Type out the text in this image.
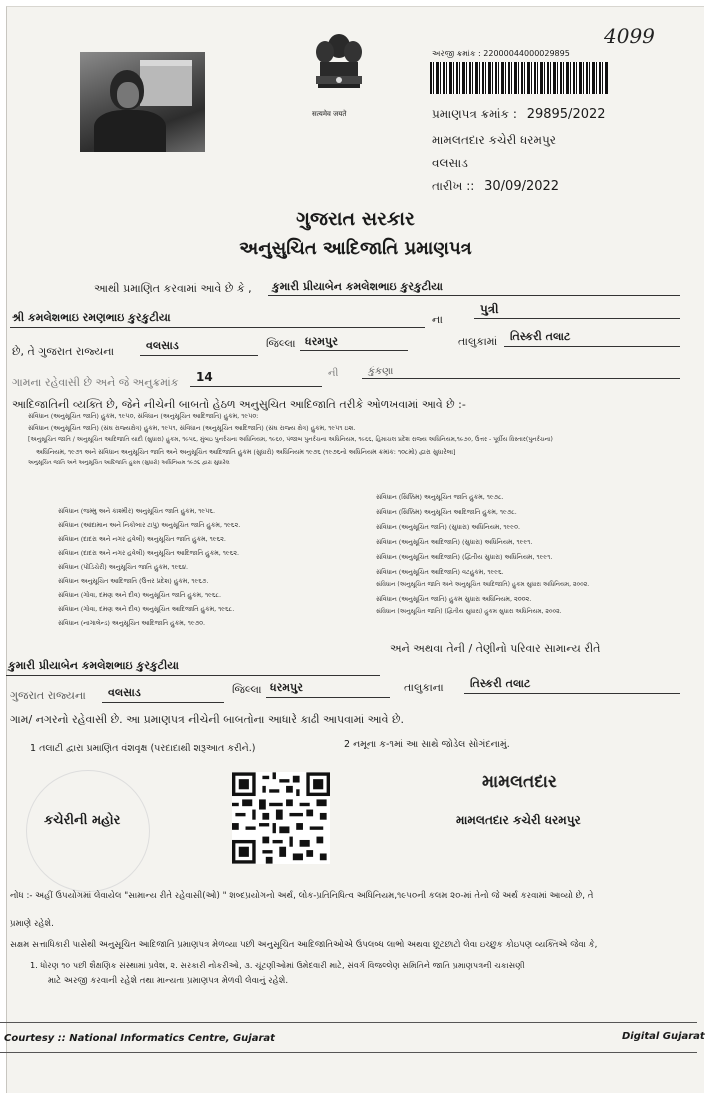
4099
सत्यमेव जयते
અરજી ક્રમાંક : 22000044000029895
પ્રમાણપત્ર ક્રમાંક : 29895/2022
મામલતદાર કચેરી ધરમપુર
વલસાડ
તારીખ :: 30/09/2022
ગુજરાત સરકાર
અનુસુચિત આદિજાતિ પ્રમાણપત્ર
આથી પ્રમાણિત કરવામાં આવે છે કે , કુમારી પ્રીયાબેન કમલેશભાઇ કુરકુટીયા
શ્રી કમલેશભાઇ રમણભાઇ કુરકુટીયા	ના
પુત્રી
છે, તે ગુજરાત રાજ્યના	વલસાડ	જિલ્લા ધરમપુર	તાલુકામાં તિસ્કરી તલાટ
ગામના રહેવાસી છે અને જે અનુક્રમાંક 14	ની	કુંકણા
આદિજાતિની વ્યક્તિ છે, જેને નીચેની બાબતો હેઠળ અનુસુચિત આદિજાતિ તરીકે ઓળખવામાં આવે છે :-
સંવિધાન (અનુસૂચિત જાતિ) હુકમ, ૧૯૫૦, સંવિધાન (અનુસૂચિત આદિજાતિ) હુકમ, ૧૯૫૦:
સંવિધાન (અનુસૂચિત જાતિ) (સંઘ રાજ્યક્ષેત્ર) હુકમ, ૧૯૫૧, સંવિધાન (અનુસૂચિત આદિજાતિ) (સંઘ રાજ્ય ક્ષેત્ર) હુકમ, ૧૯૫૧ ઇશ.
[અનુસૂચિત જાતિ / અનુસૂચિત આદિજાતિ યાદી (સુધારા) હુકમ, ૧૯૫૬, મુંબઇ પુનર્રચના અધિનિયમ, ૧૯૬૦, પંજાબ પુનર્રચના અધિનિયમ, ૧૯૬૬, હિમાચલ પ્રદેશ રાજ્ય અધિનિયમ,૧૯૭૦, ઉત્તર - પૂર્વીય વિસ્તાર(પુનર્રચના)
અધિનિયમ, ૧૯૭૧ અને સંવિધાન અનુસૂચિત જાતિ અને અનુસૂચિત આદિજાતિ હુકમ (સુધારો) અધિનિયમ ૧૯૭૬ (૧૯૭૬નો અધિનિયમ ક્રમાંક: ૧૦૮મો) દ્વારા સુધારેલા]
અનુસૂચિત જાતિ અને અનુસૂચિત આદિજાતિ હુકમ (સુધારો) અધિનિયમ ૧૯૭૬ દ્વારા સુધારેલ
સંવિધાન (જમ્મુ અને કાશ્મીર) અનુસૂચિત જાતિ હુકમ, ૧૯૫૬.
સંવિધાન (આંદામાન અને નિકોબાર ટાપુ) અનુસૂચિત જાતિ હુકમ, ૧૯૬૨.
સંવિધાન (દાદરા અને નગર હવેલી) અનુસૂચિત જાતિ હુકમ, ૧૯૬૨.
સંવિધાન (દાદરા અને નગર હવેલી) અનુસૂચિત આદિજાતિ હુકમ, ૧૯૬૨.
સંવિધાન (પોંડિચેરી) અનુસૂચિત જાતિ હુકમ, ૧૯૬૪.
સંવિધાન અનુસૂચિત આદિજાતિ (ઉત્તર પ્રદેશ) હુકમ, ૧૯૬૭.
સંવિધાન (ગોવા, દમણ અને દીવ) અનુસૂચિત જાતિ હુકમ, ૧૯૬૮.
સંવિધાન (ગોવા, દમણ અને દીવ) અનુસૂચિત આદિજાતિ હુકમ, ૧૯૬૮.
સંવિધાન (નાગાલેન્ડ) અનુસૂચિત આદિજાતિ હુકમ, ૧૯૭૦.
સંવિધાન (સિક્કિમ) અનુસૂચિત જાતિ હુકમ, ૧૯૭૮.
સંવિધાન (સિક્કિમ) અનુસૂચિત આદિજાતિ હુકમ, ૧૯૭૮.
સંવિધાન (અનુસૂચિત જાતિ) (સુધારા) અધિનિયમ, ૧૯૯૦.
સંવિધાન (અનુસૂચિત આદિજાતિ) (સુધારા) અધિનિયમ, ૧૯૯૧.
સંવિધાન (અનુસૂચિત આદિજાતિ) (દ્વિતીય સુધારા) અધિનિયમ, ૧૯૯૧.
સંવિધાન (અનુસૂચિત આદિજાતિ) વટહુકમ, ૧૯૯૬.
સંવિધાન (અનુસૂચિત જાતિ અને અનુસૂચિત આદિજાતિ) હુકમ સુધારા અધિનિયમ, ૨૦૦૨.
સંવિધાન (અનુસૂચિત જાતિ) હુકમ સુધારા અધિનિયમ, ૨૦૦૨.
સંવિધાન (અનુસૂચિત જાતિ) (દ્વિતીય સુધારા) હુકમ સુધારા અધિનિયમ, ૨૦૦૨.
કુમારી પ્રીયાબેન કમલેશભાઇ કુરકુટીયા
અને અથવા તેની / તેણીનો પરિવાર સામાન્ય રીતે
ગુજરાત રાજ્યના વલસાડ	જિલ્લા ધરમપુર	તાલુકાના તિસ્કરી તલાટ
ગામ/ નગરનો રહેવાસી છે. આ પ્રમાણપત્ર નીચેની બાબતોના આધારે કાઢી આપવામાં આવે છે.
1 તલાટી દ્વારા પ્રમાણિત વંશવૃક્ષ (પરદાદાથી શરૂઆત કરીને.)	2 નમૂના ક-૧માં આ સાથે જોડેલ સોગંદનામું.
કચેરીની મહોર
મામલતદાર
મામલતદાર કચેરી ધરમપુર
નોંધ :- અહીં ઉપયોગમાં લેવાયેલ "સામાન્ય રીતે રહેવાસી(ઓ) " શબ્દપ્રયોગનો અર્થ, લોક-પ્રતિનિધિત્વ અધિનિયમ,૧૯૫૦ની કલમ ૨૦-માં તેનો જે અર્થ કરવામાં આવ્યો છે, તે
પ્રમાણે રહેશે.
સક્ષમ સત્તાધિકારી પાસેથી અનુસૂચિત આદિજાતિ પ્રમાણપત્ર મેળવ્યા પછી અનુસૂચિત આદિજાતિઓએ ઉપલબ્ધ લાભો અથવા છૂટછાટો લેવા ઇચ્છુક કોઇપણ વ્યક્તિએ જેવા કે,
1. ધોરણ ૧૦ પછી શૈક્ષણિક સંસ્થામાં પ્રવેશ, ૨. સરકારી નોકરીઓ, ૩. ચૂંટણીઓમાં ઉમેદવારી માટે, સંવર્ગ વિજલ્લેણ સમિતિને જાતિ પ્રમાણપત્રની ચકાસણી
માટે અરજી કરવાની રહેશે તથા માન્યતા પ્રમાણપત્ર મેળવી લેવાનું રહેશે.
Courtesy :: National Informatics Centre, Gujarat	Digital Gujarat
